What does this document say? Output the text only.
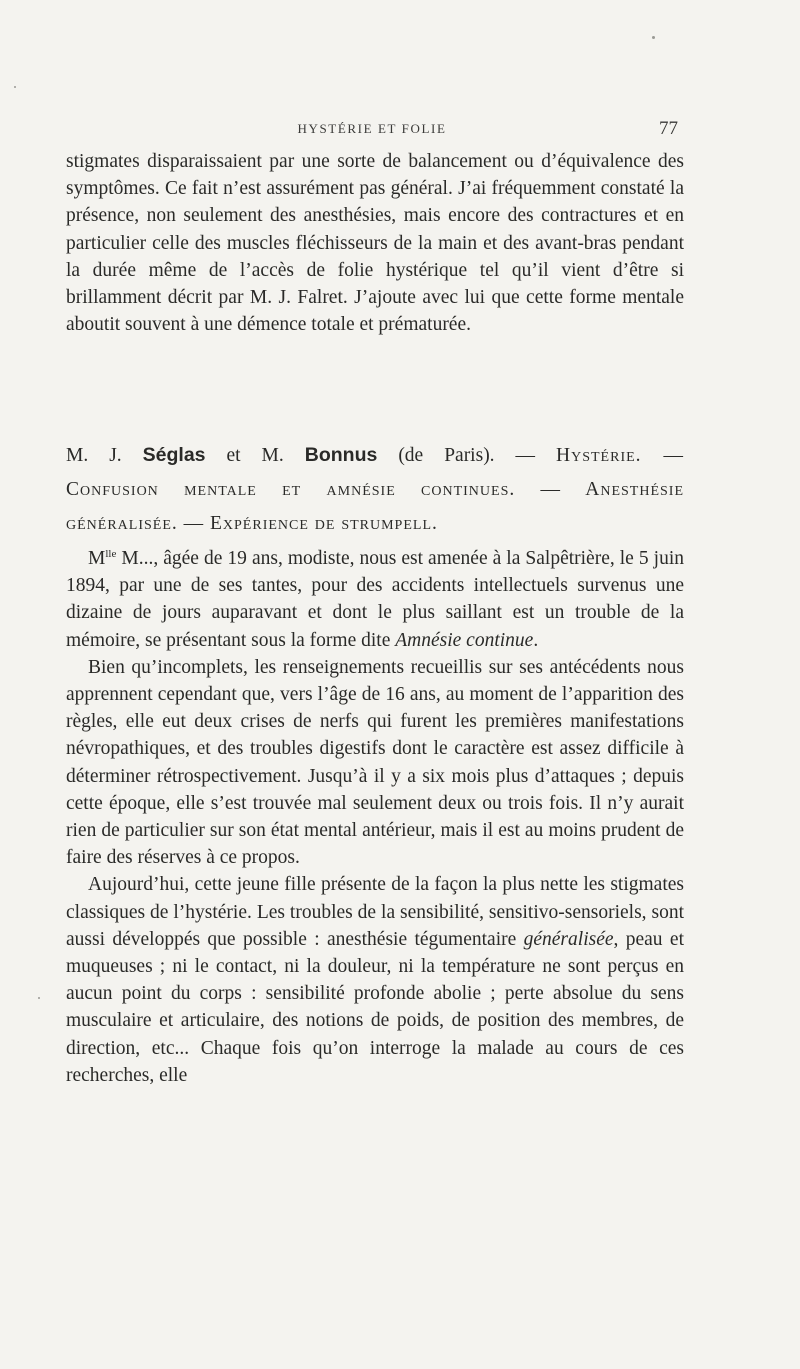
HYSTÉRIE ET FOLIE	77

stigmates disparaissaient par une sorte de balancement ou d’équivalence des symptômes. Ce fait n’est assurément pas général. J’ai fréquemment constaté la présence, non seulement des anesthésies, mais encore des contractures et en particulier celle des muscles fléchisseurs de la main et des avant-bras pendant la durée même de l’accès de folie hystérique tel qu’il vient d’être si brillamment décrit par M. J. Falret. J’ajoute avec lui que cette forme mentale aboutit souvent à une démence totale et prématurée.

M. J. Séglas et M. Bonnus (de Paris). — Hystérie. —
Confusion mentale et amnésie continues. — Anesthésie
généralisée. — Expérience de strumpell.

$M^{lle}$ M..., âgée de 19 ans, modiste, nous est amenée à la Salpêtrière, le 5 juin 1894, par une de ses tantes, pour des accidents intellectuels survenus une dizaine de jours auparavant et dont le plus saillant est un trouble de la mémoire, se présentant sous la forme dite Amnésie continue.

Bien qu’incomplets, les renseignements recueillis sur ses antécédents nous apprennent cependant que, vers l’âge de 16 ans, au moment de l’apparition des règles, elle eut deux crises de nerfs qui furent les premières manifestations névropathiques, et des troubles digestifs dont le caractère est assez difficile à déterminer rétrospectivement. Jusqu’à il y a six mois plus d’attaques ; depuis cette époque, elle s’est trouvée mal seulement deux ou trois fois. Il n’y aurait rien de particulier sur son état mental antérieur, mais il est au moins prudent de faire des réserves à ce propos.

Aujourd’hui, cette jeune fille présente de la façon la plus nette les stigmates classiques de l’hystérie. Les troubles de la sensibilité, sensitivo-sensoriels, sont aussi développés que possible : anesthésie tégumentaire généralisée, peau et muqueuses ; ni le contact, ni la douleur, ni la température ne sont perçus en aucun point du corps : sensibilité profonde abolie ; perte absolue du sens musculaire et articulaire, des notions de poids, de position des membres, de direction, etc... Chaque fois qu’on interroge la malade au cours de ces recherches, elle
